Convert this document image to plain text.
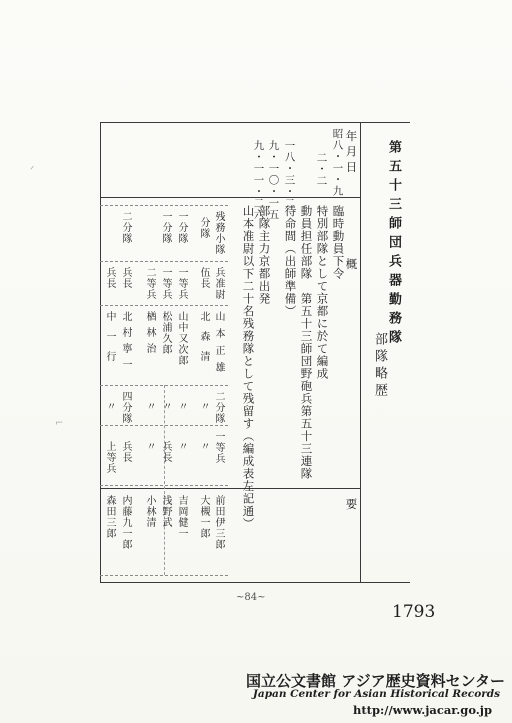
第五十三師団兵器勤務隊
部隊略歴
年月日
概
要
昭八・一・九
臨時動員下令
二・二
特別部隊として京都に於て編成
動員担任部隊　第五十三師団野砲兵第五十三連隊
一八・三・二
待命間（出師準備）
九・一〇・一五
部隊主力京都出発
九・一一・二六
山本准尉以下二十名残務隊として残留す（編成表左記通）
残務小隊
兵准尉
山本正雄
二分隊
一等兵
前田伊三郎
分隊
伍長
北森清
〃
〃
大槻一郎
一分隊
一等兵
山中又次郎
〃
〃
吉岡健一
一分隊
一等兵
松浦久郎
〃
兵長
浅野武
二等兵
楢林治
〃
〃
小林清
二分隊
兵長
北村寧一
四分隊
兵長
内藤九一郎
兵長
中一行
〃
上等兵
森田三郎
~84~
1793
ᐟ
⌐
国立公文書館 アジア歴史資料センター
Japan Center for Asian Historical Records
http://www.jacar.go.jp
